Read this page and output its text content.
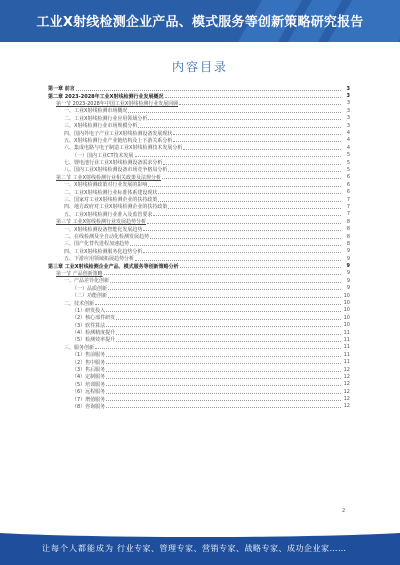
工业X射线检测企业产品、模式服务等创新策略研究报告
内容目录
第一章 前言	3
第二章 2023-2028年工业X射线检测行业发展概况	3
第一节 2023-2028年中国工业X射线检测行业发展回顾	3
一、工业X射线检测市场概况	3
二、工业X射线检测行业应用领域分析	3
三、X射线检测行业市场规模分析	3
四、国内外电子产业工业X射线检测设备发展现状	4
五、X射线检测行业产业链结构及上下游关系分析	4
六、集成电路与电子制造工业X射线检测技术发展分析	4
（一）国内工业CT技术发展	5
七、锂电池行业工业X射线检测设备需求分析	5
八、国内工业X射线检测设备市场竞争格局分析	5
第二节 工业X射线检测行业相关政策及法规分析	6
一、X射线检测政策对行业发展的影响	6
二、工业X射线检测行业标准体系建设现状	6
三、国家对工业X射线检测企业的扶持政策	7
四、地方政府对工业X射线检测企业的扶持政策	7
五、工业X射线检测行业准入及监管要求	7
第三节 工业X射线检测行业发展趋势分析	8
一、X射线检测设备智能化发展趋势	8
二、在线检测及全自动化检测发展趋势	8
三、国产化替代进程加速趋势	8
四、工业X射线检测服务化趋势分析	9
五、下游应用领域拓展趋势分析	9
第三章 工业X射线检测企业产品、模式服务等创新策略分析	9
第一节 产品创新策略	9
一、产品差异化创新	9
（一）品质创新	9
（二）功能创新	10
二、技术创新	10
（1）研发投入	10
（2）核心部件研发	10
（3）软件算法	10
（4）检测精度提升	11
（5）检测效率提升	11
三、服务创新	11
（1）售前服务	11
（2）售中服务	11
（3）售后服务	12
（4）定制服务	12
（5）培训服务	12
（6）远程服务	12
（7）增值服务	12
（8）咨询服务	12
2
让每个人都能成为 行业专家、管理专家、营销专家、战略专家、成功企业家……
